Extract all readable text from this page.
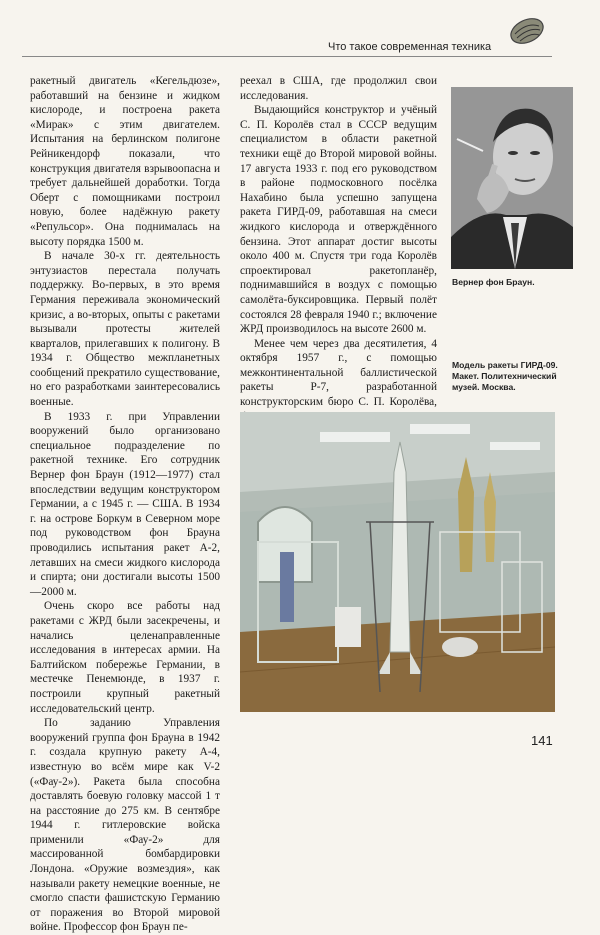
Что такое современная техника

ракетный двигатель «Кегельдюзе», работавший на бензине и жидком кислороде, и построена ракета «Мирак» с этим двигателем. Испытания на берлинском полигоне Рейникендорф показали, что конструкция двигателя взрывоопасна и требует дальнейшей доработки. Тогда Оберт с помощниками построил новую, более надёжную ракету «Репульсор». Она поднималась на высоту порядка 1500 м.

В начале 30-х гг. деятельность энтузиастов перестала получать поддержку. Во-первых, в это время Германия переживала экономический кризис, а во-вторых, опыты с ракетами вызывали протесты жителей кварталов, прилегавших к полигону. В 1934 г. Общество межпланетных сообщений прекратило существование, но его разработками заинтересовались военные.

В 1933 г. при Управлении вооружений было организовано специальное подразделение по ракетной технике. Его сотрудник Вернер фон Браун (1912—1977) стал впоследствии ведущим конструктором Германии, а с 1945 г. — США. В 1934 г. на острове Боркум в Северном море под руководством фон Брауна проводились испытания ракет А-2, летавших на смеси жидкого кислорода и спирта; они достигали высоты 1500—2000 м.

Очень скоро все работы над ракетами с ЖРД были засекречены, и начались целенаправленные исследования в интересах армии. На Балтийском побережье Германии, в местечке Пенемюнде, в 1937 г. построили крупный ракетный исследовательский центр.

По заданию Управления вооружений группа фон Брауна в 1942 г. создала крупную ракету А-4, известную во всём мире как V-2 («Фау-2»). Ракета была способна доставлять боевую головку массой 1 т на расстояние до 275 км. В сентябре 1944 г. гитлеровские войска применили «Фау-2» для массированной бомбардировки Лондона. «Оружие возмездия», как называли ракету немецкие военные, не смогло спасти фашистскую Германию от поражения во Второй мировой войне. Профессор фон Браун пе-

реехал в США, где продолжил свои исследования.

Выдающийся конструктор и учёный С. П. Королёв стал в СССР ведущим специалистом в области ракетной техники ещё до Второй мировой войны. 17 августа 1933 г. под его руководством в районе подмосковного посёлка Нахабино была успешно запущена ракета ГИРД-09, работавшая на смеси жидкого кислорода и отверждённого бензина. Этот аппарат достиг высоты около 400 м. Спустя три года Королёв спроектировал ракетопланёр, поднимавшийся в воздух с помощью самолёта-буксировщика. Первый полёт состоялся 28 февраля 1940 г.; включение ЖРД производилось на высоте 2600 м.

Менее чем через два десятилетия, 4 октября 1957 г., с помощью межконтинентальной баллистической ракеты Р-7, разработанной конструкторским бюро С. П. Королёва,

Вернер фон Браун.
Модель ракеты ГИРД-09. Макет. Политехнический музей. Москва.
141
